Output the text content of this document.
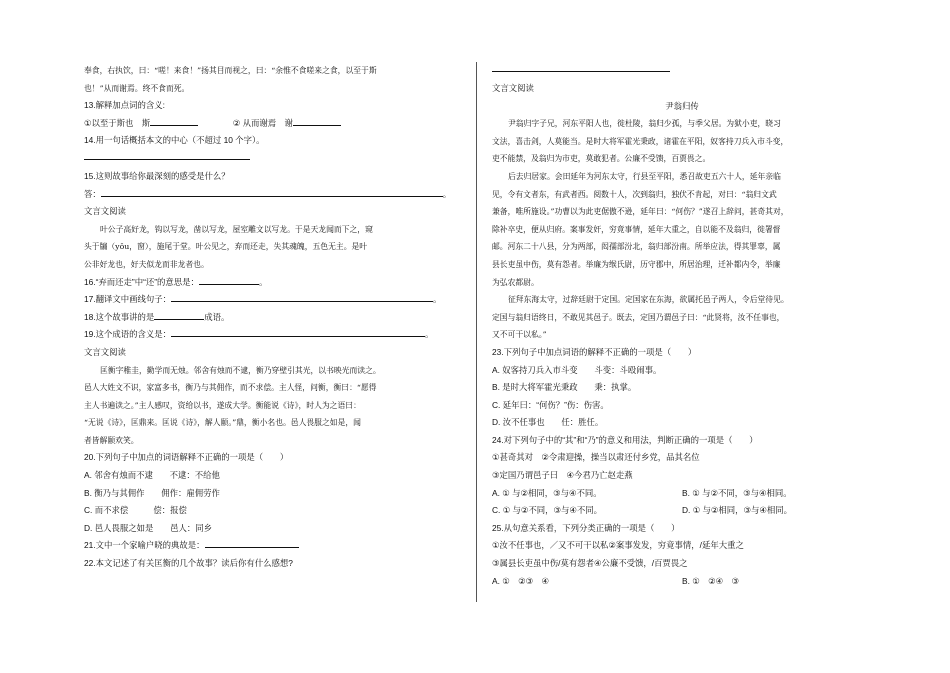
奉食，右执饮，曰：“嗟！来食！”扬其目而视之，曰：“余惟不食嗟来之食，以至于斯
也！”从而谢焉。终不食而死。
13.解释加点词的含义:
①以至于斯也　斯	② 从而谢焉　谢
14.用一句话概括本文的中心（不超过 10 个字）。
15.这则故事给你最深刻的感受是什么？
答：	。
文言文阅读
叶公子高好龙，钩以写龙，凿以写龙，屋室雕文以写龙。于是天龙闻而下之，窥
头于牖（yǒu，窗），施尾于堂。叶公见之，弃而还走，失其魂魄，五色无主。是叶
公非好龙也，好夫似龙而非龙者也。
16.“弃而还走”中“还”的意思是：	。
17.翻译文中画线句子：	。
18.这个故事讲的是	成语。
19.这个成语的含义是：	。
文言文阅读
匡衡字稚圭，勤学而无烛。邻舍有烛而不逮，衡乃穿壁引其光，以书映光而读之。
邑人大姓文不识，家富多书，衡乃与其佣作，而不求偿。主人怪，问衡，衡曰：“愿得
主人书遍读之。”主人感叹，资给以书，遂成大学。衡能说《诗》，时人为之语曰：
“无说《诗》，匡鼎来。匡说《诗》，解人颐。”鼎，衡小名也。邑人畏服之如是，闻
者皆解颐欢笑。
20.下列句子中加点的词语解释不正确的一项是（　　）
A. 邻舍有烛而不逮　　不逮：不给他
B. 衡乃与其佣作　　佣作：雇佣劳作
C. 而不求偿　　　偿：报偿
D. 邑人畏服之如是　　邑人：同乡
21.文中一个家喻户晓的典故是：
22.本文记述了有关匡衡的几个故事？读后你有什么感想?
文言文阅读
尹翁归传
尹翁归字子兄，河东平阳人也，徙杜陵，翁归少孤，与季父居。为狱小吏，晓习
文法，喜击剑，人莫能当。是时大将军霍光秉政，诸霍在平阳，奴客持刀兵入市斗变，
吏不能禁，及翁归为市吏，莫敢犯者。公廉不受馈，百贾畏之。
后去归居家。会田延年为河东太守，行县至平阳，悉召故吏五六十人，延年亲临
见，令有文者东，有武者西。阅数十人，次到翁归，独伏不肯起，对曰：“翁归文武
兼备，唯所施设。”功曹以为此吏倨傲不逊，延年曰：“何伤？”遂召上辞问，甚奇其对，
除补卒史，便从归府。案事发奸，穷竟事情，延年大重之，自以能不及翁归，徙署督
邮。河东二十八县，分为两部，闳孺部汾北，翁归部汾南。所举应法，得其罪辜，属
县长吏虽中伤，莫有怨者。举廉为缑氏尉，历守郡中，所居治理，迁补都内令，举廉
为弘农都尉。
征拜东海太守，过辞廷尉于定国。定国家在东海，欲属托邑子两人，令后堂待见。
定国与翁归语终日，不敢见其邑子。既去，定国乃谓邑子曰：“此贤将，汝不任事也，
又不可干以私。”
23.下列句子中加点词语的解释不正确的一项是（　　）
A. 奴客持刀兵入市斗变　　斗变：斗殴闹事。
B. 是时大将军霍光秉政　　秉：执掌。
C. 延年曰：“何伤？”伤：伤害。
D. 汝不任事也　　任：胜任。
24.对下列句子中的“其”和“乃”的意义和用法，判断正确的一项是（　　）
①甚奇其对　②令肃迎操，操当以肃还付乡党，品其名位
③定国乃谓邑子曰　④今君乃亡赵走燕
A. ① 与②相同，③与④不同。	B. ① 与②不同，③与④相同。
C. ① 与②不同，③与④不同。	D. ① 与②相同，③与④相同。
25.从句意关系看，下列分类正确的一项是（　　）
①汝不任事也，／又不可干以私②案事发发，穷竟事情，/延年大重之
③属县长吏虽中伤/莫有怨者④公廉不受馈，/百贾畏之
A. ①　②③　④	B. ①　②④　③
